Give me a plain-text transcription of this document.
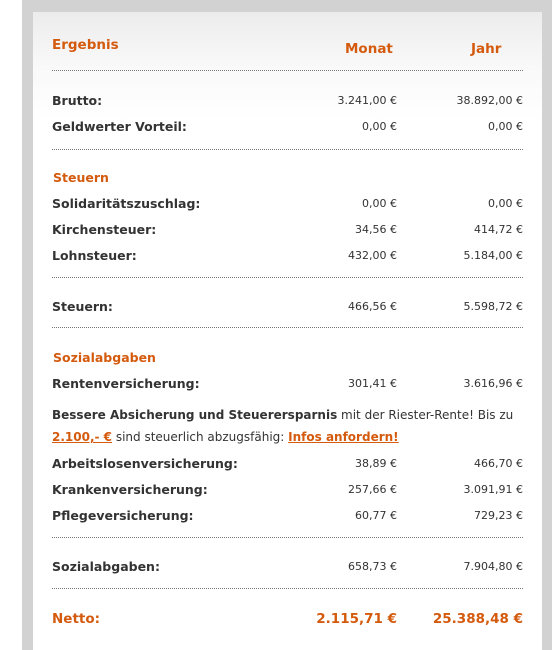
Ergebnis	Monat	Jahr
Brutto:	3.241,00 €	38.892,00 €
Geldwerter Vorteil:	0,00 €	0,00 €
Steuern
Solidaritätszuschlag:	0,00 €	0,00 €
Kirchensteuer:	34,56 €	414,72 €
Lohnsteuer:	432,00 €	5.184,00 €
Steuern:	466,56 €	5.598,72 €
Sozialabgaben
Rentenversicherung:	301,41 €	3.616,96 €
Bessere Absicherung und Steuerersparnis mit der Riester-Rente! Bis zu 2.100,- € sind steuerlich abzugsfähig: Infos anfordern!
Arbeitslosenversicherung:	38,89 €	466,70 €
Krankenversicherung:	257,66 €	3.091,91 €
Pflegeversicherung:	60,77 €	729,23 €
Sozialabgaben:	658,73 €	7.904,80 €
Netto:	2.115,71 €	25.388,48 €
